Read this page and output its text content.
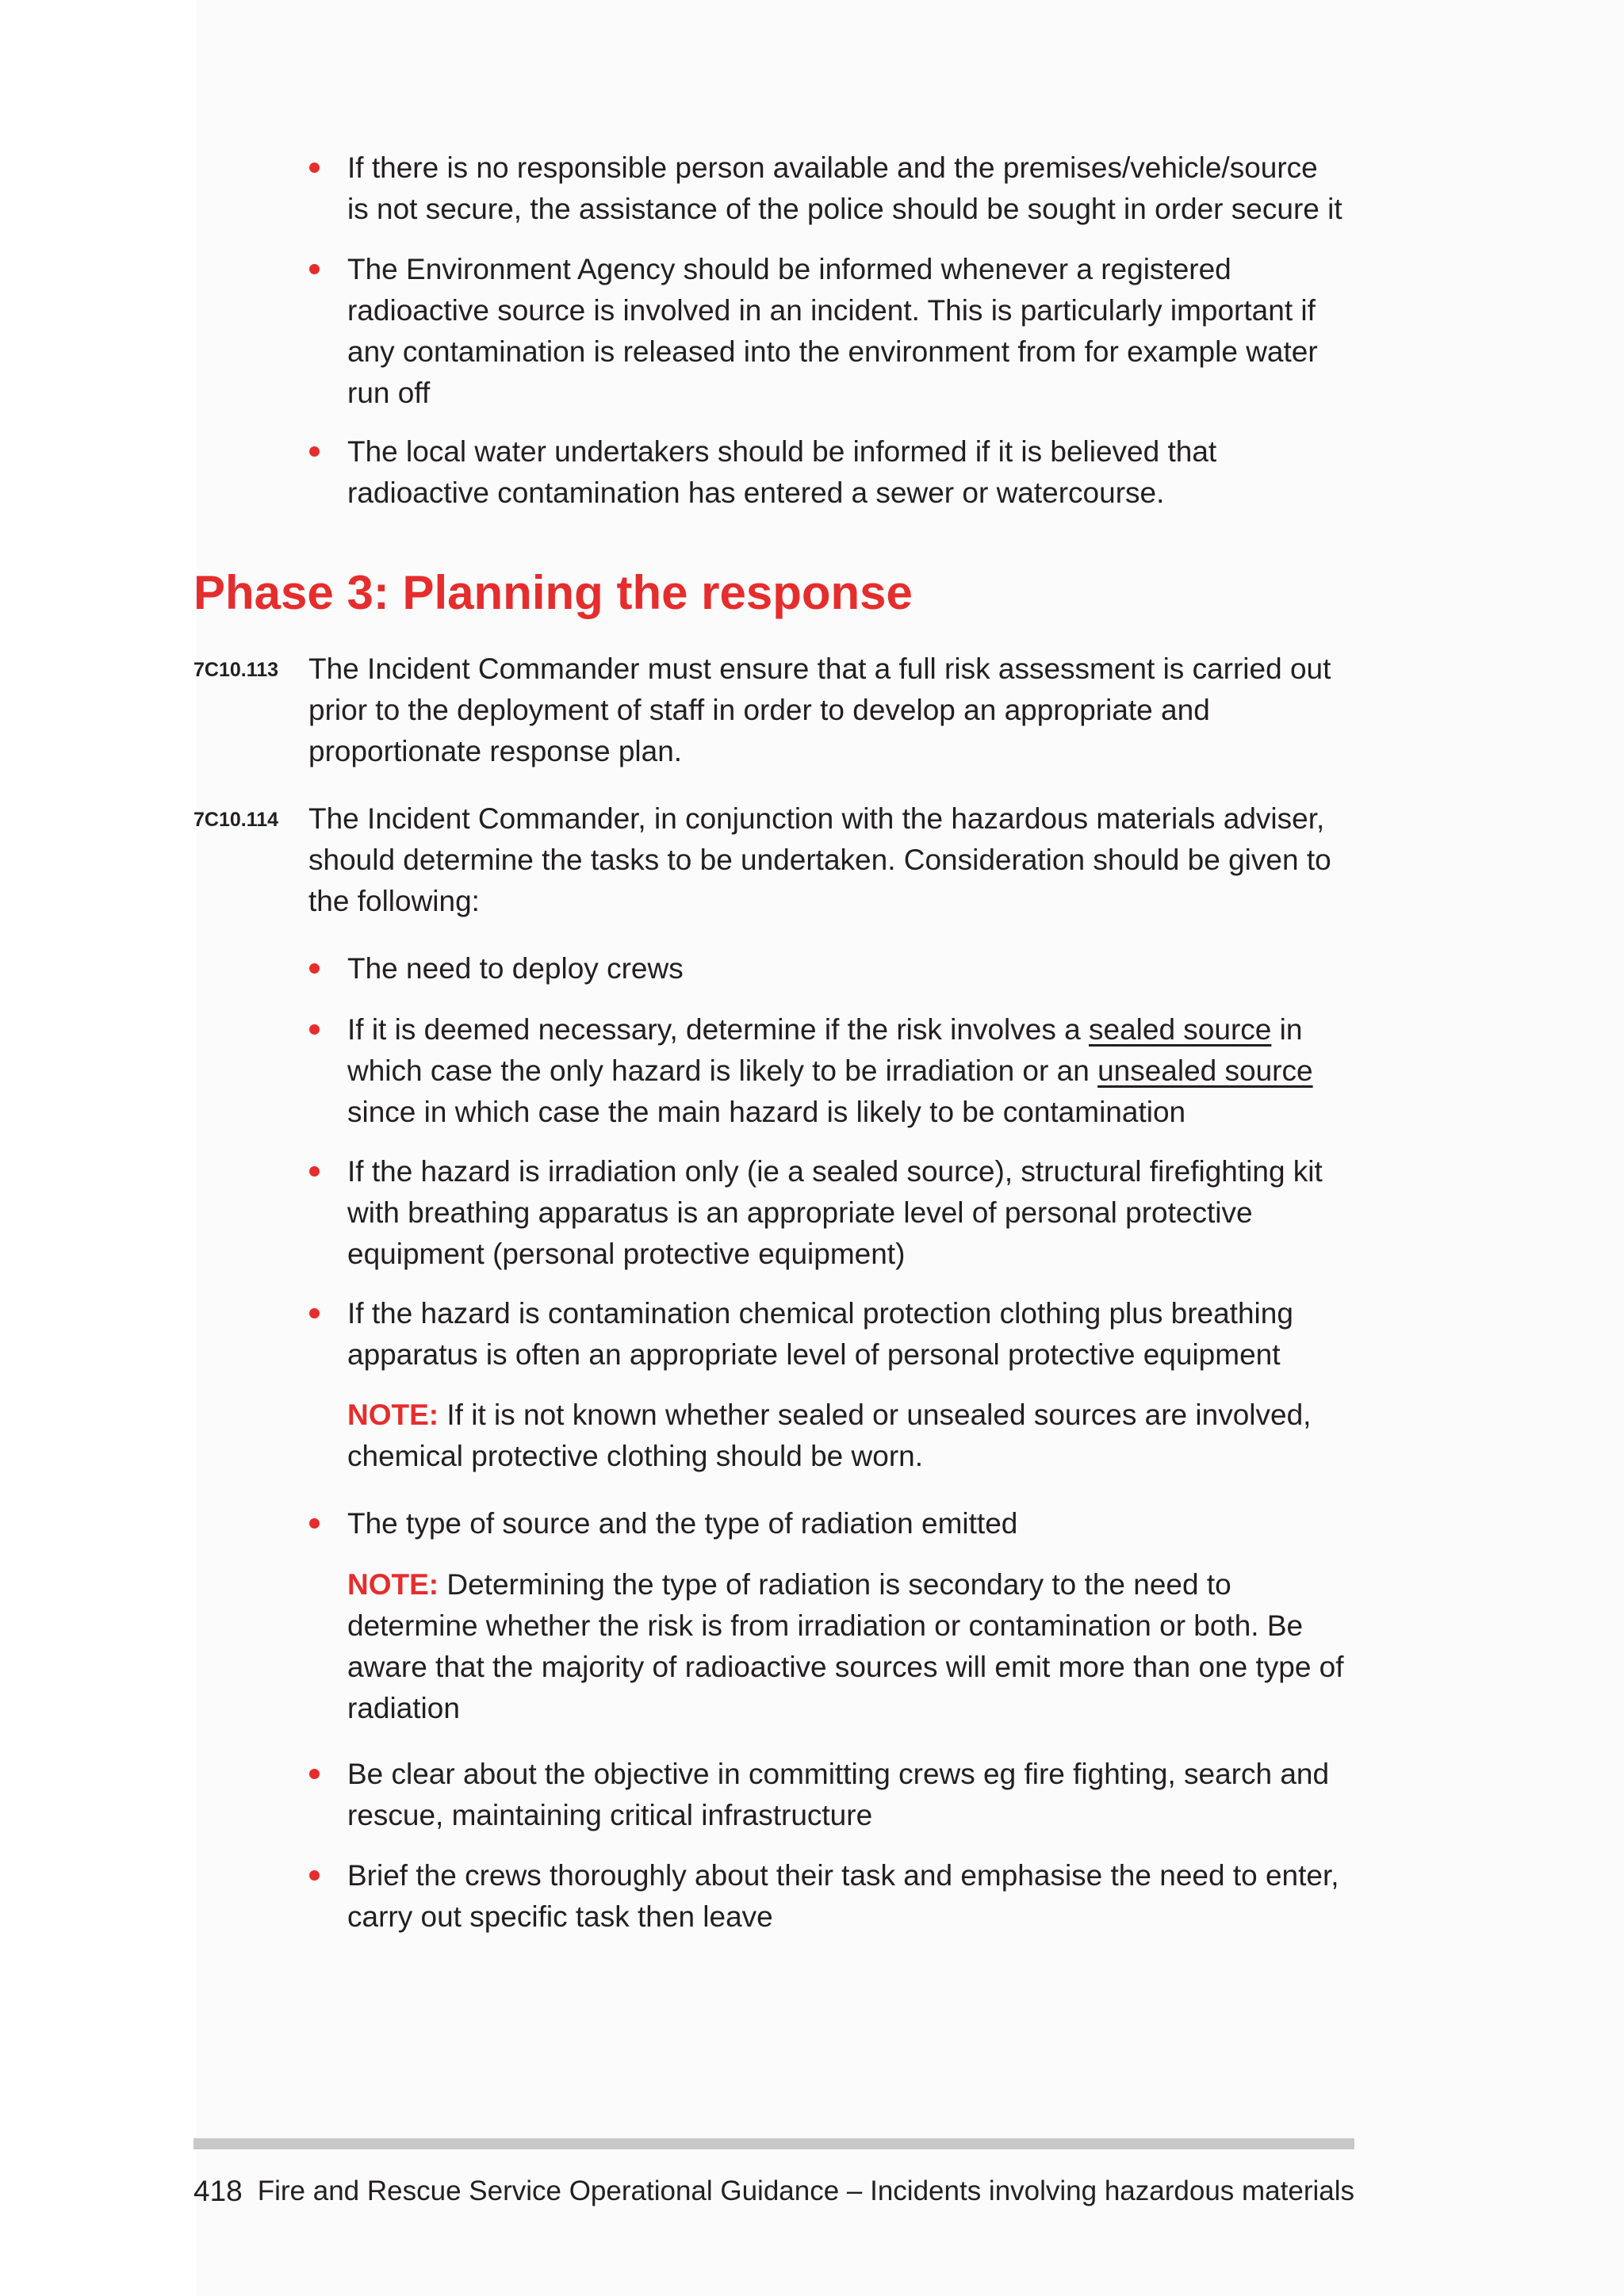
If there is no responsible person available and the premises/vehicle/source is not secure, the assistance of the police should be sought in order secure it
The Environment Agency should be informed whenever a registered radioactive source is involved in an incident. This is particularly important if any contamination is released into the environment from for example water run off
The local water undertakers should be informed if it is believed that radioactive contamination has entered a sewer or watercourse.
Phase 3: Planning the response
7C10.113 The Incident Commander must ensure that a full risk assessment is carried out prior to the deployment of staff in order to develop an appropriate and proportionate response plan.

7C10.114 The Incident Commander, in conjunction with the hazardous materials adviser, should determine the tasks to be undertaken. Consideration should be given to the following:

The need to deploy crews
If it is deemed necessary, determine if the risk involves a sealed source in which case the only hazard is likely to be irradiation or an unsealed source since in which case the main hazard is likely to be contamination
If the hazard is irradiation only (ie a sealed source), structural firefighting kit with breathing apparatus is an appropriate level of personal protective equipment (personal protective equipment)
If the hazard is contamination chemical protection clothing plus breathing apparatus is often an appropriate level of personal protective equipment
NOTE: If it is not known whether sealed or unsealed sources are involved, chemical protective clothing should be worn.
The type of source and the type of radiation emitted
NOTE: Determining the type of radiation is secondary to the need to determine whether the risk is from irradiation or contamination or both. Be aware that the majority of radioactive sources will emit more than one type of radiation
Be clear about the objective in committing crews eg fire fighting, search and rescue, maintaining critical infrastructure
Brief the crews thoroughly about their task and emphasise the need to enter, carry out specific task then leave
418 Fire and Rescue Service Operational Guidance – Incidents involving hazardous materials
